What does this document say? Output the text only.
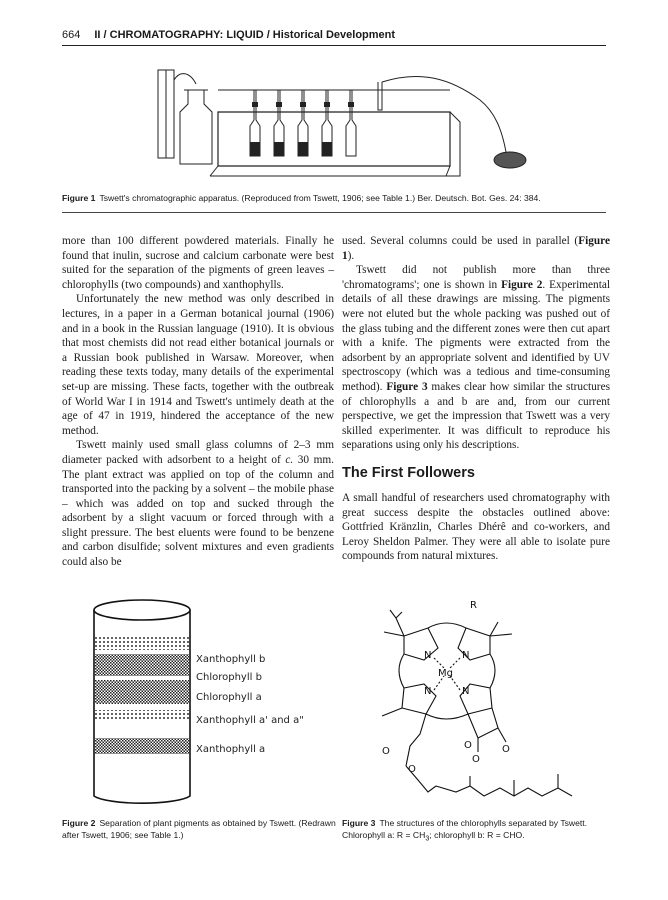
664 II / CHROMATOGRAPHY: LIQUID / Historical Development
Figure 1 Tswett's chromatographic apparatus. (Reproduced from Tswett, 1906; see Table 1.) Ber. Deutsch. Bot. Ges. 24: 384.

more than 100 different powdered materials. Finally he found that inulin, sucrose and calcium carbonate were best suited for the separation of the pigments of green leaves – chlorophylls (two compounds) and xanthophylls.

Unfortunately the new method was only described in lectures, in a paper in a German botanical journal (1906) and in a book in the Russian language (1910). It is obvious that most chemists did not read either botanical journals or a Russian book published in Warsaw. Moreover, when reading these texts today, many details of the experimental set-up are missing. These facts, together with the outbreak of World War I in 1914 and Tswett's untimely death at the age of 47 in 1919, hindered the acceptance of the new method.

Tswett mainly used small glass columns of 2–3 mm diameter packed with adsorbent to a height of c. 30 mm. The plant extract was applied on top of the column and transported into the packing by a solvent – the mobile phase – which was added on top and sucked through the adsorbent by a slight vacuum or forced through with a slight pressure. The best eluents were found to be benzene and carbon disulfide; solvent mixtures and even gradients could also be

used. Several columns could be used in parallel (Figure 1).

Tswett did not publish more than three 'chromatograms'; one is shown in Figure 2. Experimental details of all these drawings are missing. The pigments were not eluted but the whole packing was pushed out of the glass tubing and the different zones were then cut apart with a knife. The pigments were extracted from the adsorbent by an appropriate solvent and identified by UV spectroscopy (which was a tedious and time-consuming method). Figure 3 makes clear how similar the structures of chlorophylls a and b are and, from our current perspective, we get the impression that Tswett was a very skilled experimenter. It was difficult to reproduce his separations using only his descriptions.

The First Followers

A small handful of researchers used chromatography with great success despite the obstacles outlined above: Gottfried Kränzlin, Charles Dhérê and co-workers, and Leroy Sheldon Palmer. They were all able to isolate pure compounds from natural mixtures.

Xanthophyll b
Chlorophyll b
Chlorophyll a
Xanthophyll a' and a"
Xanthophyll a
R
N	N
N	N
Mg
O	O
O
O
O
Figure 2 Separation of plant pigments as obtained by Tswett. (Redrawn after Tswett, 1906; see Table 1.)
Figure 3 The structures of the chlorophylls separated by Tswett. Chlorophyll a: $R = CH_3$; chlorophyll b: R = CHO.
